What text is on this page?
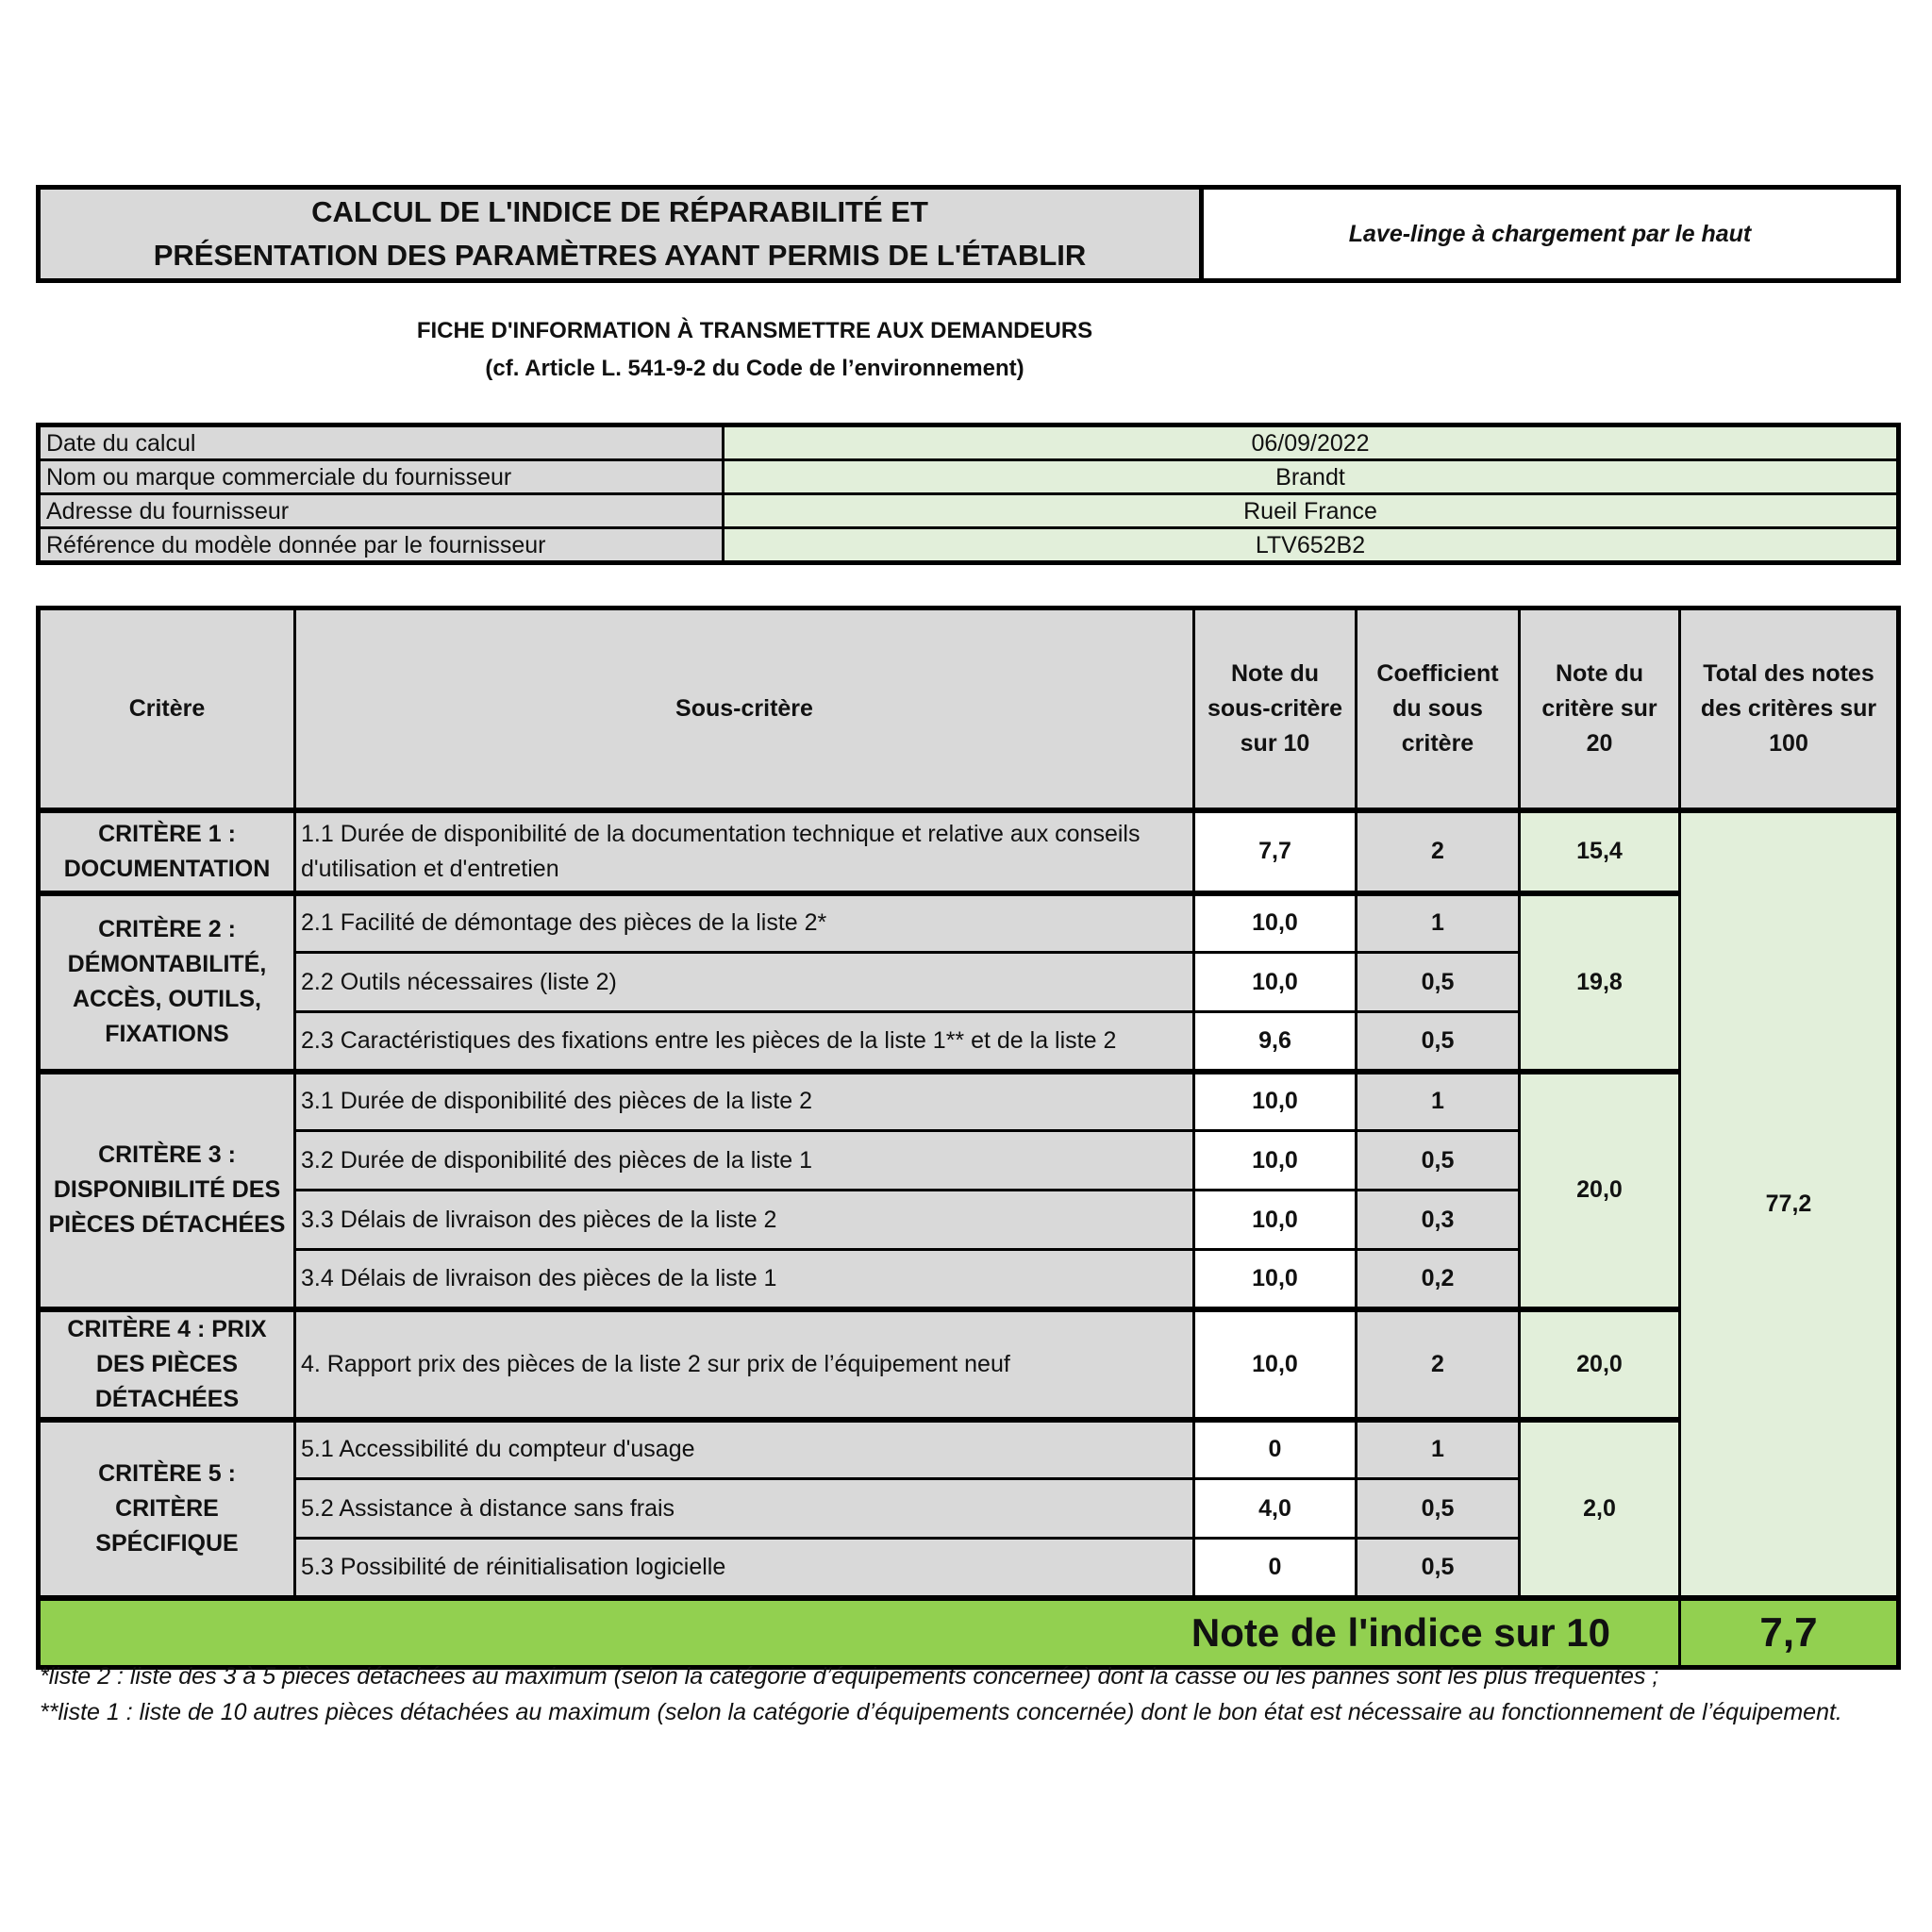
CALCUL DE L'INDICE DE RÉPARABILITÉ ET
PRÉSENTATION DES PARAMÈTRES AYANT PERMIS DE L'ÉTABLIR
Lave-linge à chargement par le haut
FICHE D'INFORMATION À TRANSMETTRE AUX DEMANDEURS
(cf. Article L. 541-9-2 du Code de l’environnement)
Date du calcul	06/09/2022
Nom ou marque commerciale du fournisseur	Brandt
Adresse du fournisseur	Rueil France
Référence du modèle donnée par le fournisseur	LTV652B2
Critère	Sous-critère	Note du sous-critère sur 10	Coefficient du sous critère	Note du critère sur 20	Total des notes des critères sur 100
CRITÈRE 1 : DOCUMENTATION	1.1 Durée de disponibilité de la documentation technique et relative aux conseils d'utilisation et d'entretien	7,7	2	15,4	77,2
CRITÈRE 2 : DÉMONTABILITÉ, ACCÈS, OUTILS, FIXATIONS	2.1 Facilité de démontage des pièces de la liste 2*	10,0	1	19,8	
	2.2 Outils nécessaires (liste 2)	10,0	0,5		
	2.3 Caractéristiques des fixations entre les pièces de la liste 1** et de la liste 2	9,6	0,5		
CRITÈRE 3 : DISPONIBILITÉ DES PIÈCES DÉTACHÉES	3.1 Durée de disponibilité des pièces de la liste 2	10,0	1	20,0	
	3.2 Durée de disponibilité des pièces de la liste 1	10,0	0,5		
	3.3 Délais de livraison des pièces de la liste 2	10,0	0,3		
	3.4 Délais de livraison des pièces de la liste 1	10,0	0,2		
CRITÈRE 4 : PRIX DES PIÈCES DÉTACHÉES	4. Rapport prix des pièces de la liste 2 sur prix de l’équipement neuf	10,0	2	20,0	
CRITÈRE 5 : CRITÈRE SPÉCIFIQUE	5.1 Accessibilité du compteur d'usage	0	1	2,0	
	5.2 Assistance à distance sans frais	4,0	0,5		
	5.3 Possibilité de réinitialisation logicielle	0	0,5		
Note de l'indice sur 10					7,7
*liste 2 : liste des 3 à 5 pièces détachées au maximum (selon la catégorie d’équipements concernée) dont la casse ou les pannes sont les plus fréquentes ;
**liste 1 : liste de 10 autres pièces détachées au maximum (selon la catégorie d’équipements concernée) dont le bon état est nécessaire au fonctionnement de l’équipement.
